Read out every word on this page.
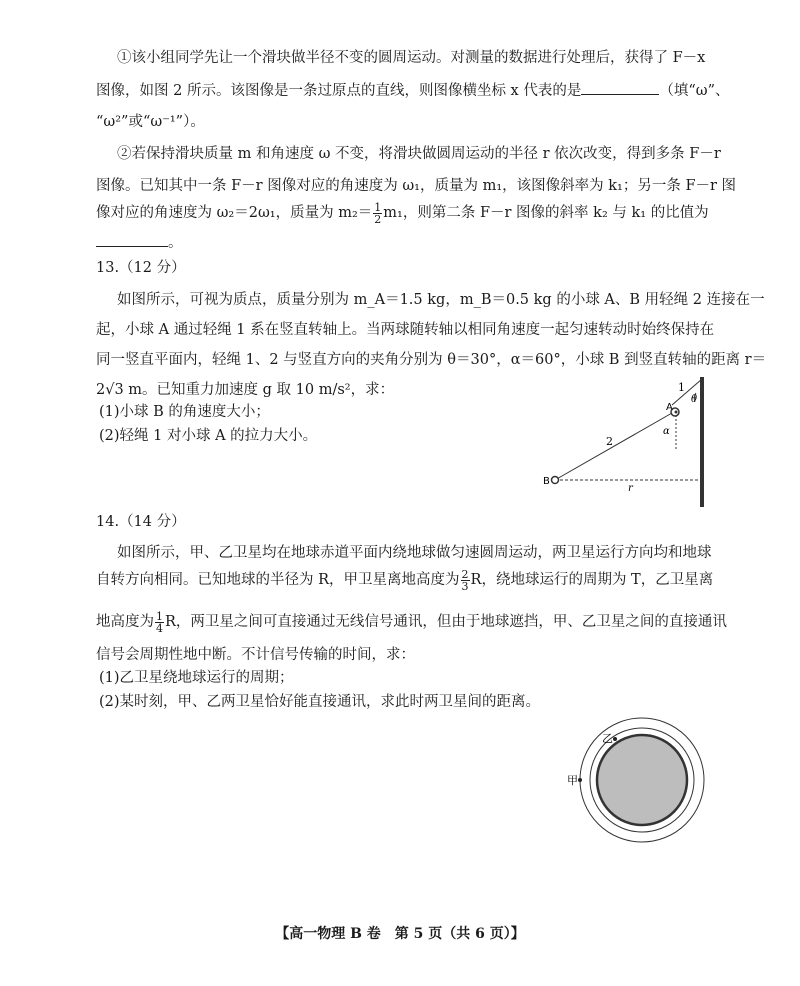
①该小组同学先让一个滑块做半径不变的圆周运动。对测量的数据进行处理后，获得了 F－x
图像，如图 2 所示。该图像是一条过原点的直线，则图像横坐标 x 代表的是	（填“ω”、
“ω²”或“ω⁻¹”）。
②若保持滑块质量 m 和角速度 ω 不变，将滑块做圆周运动的半径 r 依次改变，得到多条 F－r
图像。已知其中一条 F－r 图像对应的角速度为 ω₁，质量为 m₁，该图像斜率为 k₁；另一条 F－r 图
像对应的角速度为 ω₂＝2ω₁，质量为 $m_2= \frac{1}{2} m_1$，则第二条 F－r 图像的斜率 k₂ 与 k₁ 的比值为
。
13.（12 分）
如图所示，可视为质点，质量分别为 m_A＝1.5 kg，m_B＝0.5 kg 的小球 A、B 用轻绳 2 连接在一
起，小球 A 通过轻绳 1 系在竖直转轴上。当两球随转轴以相同角速度一起匀速转动时始终保持在
同一竖直平面内，轻绳 1、2 与竖直方向的夹角分别为 θ＝30°，α＝60°，小球 B 到竖直转轴的距离 r＝
2√3 m。已知重力加速度 g 取 10 m/s²，求：
(1)小球 B 的角速度大小；
(2)轻绳 1 对小球 A 的拉力大小。
1
θ
A
α
2
B
r
14.（14 分）
如图所示，甲、乙卫星均在地球赤道平面内绕地球做匀速圆周运动，两卫星运行方向均和地球
自转方向相同。已知地球的半径为 R，甲卫星离地高度为 $\frac{2}{3}$ R，绕地球运行的周期为 T，乙卫星离
地高度为 $\frac{1}{4}$ R，两卫星之间可直接通过无线信号通讯，但由于地球遮挡，甲、乙卫星之间的直接通讯
信号会周期性地中断。不计信号传输的时间，求：
(1)乙卫星绕地球运行的周期；
(2)某时刻，甲、乙两卫星恰好能直接通讯，求此时两卫星间的距离。
乙
甲
【高一物理 B 卷　第 5 页（共 6 页）】
